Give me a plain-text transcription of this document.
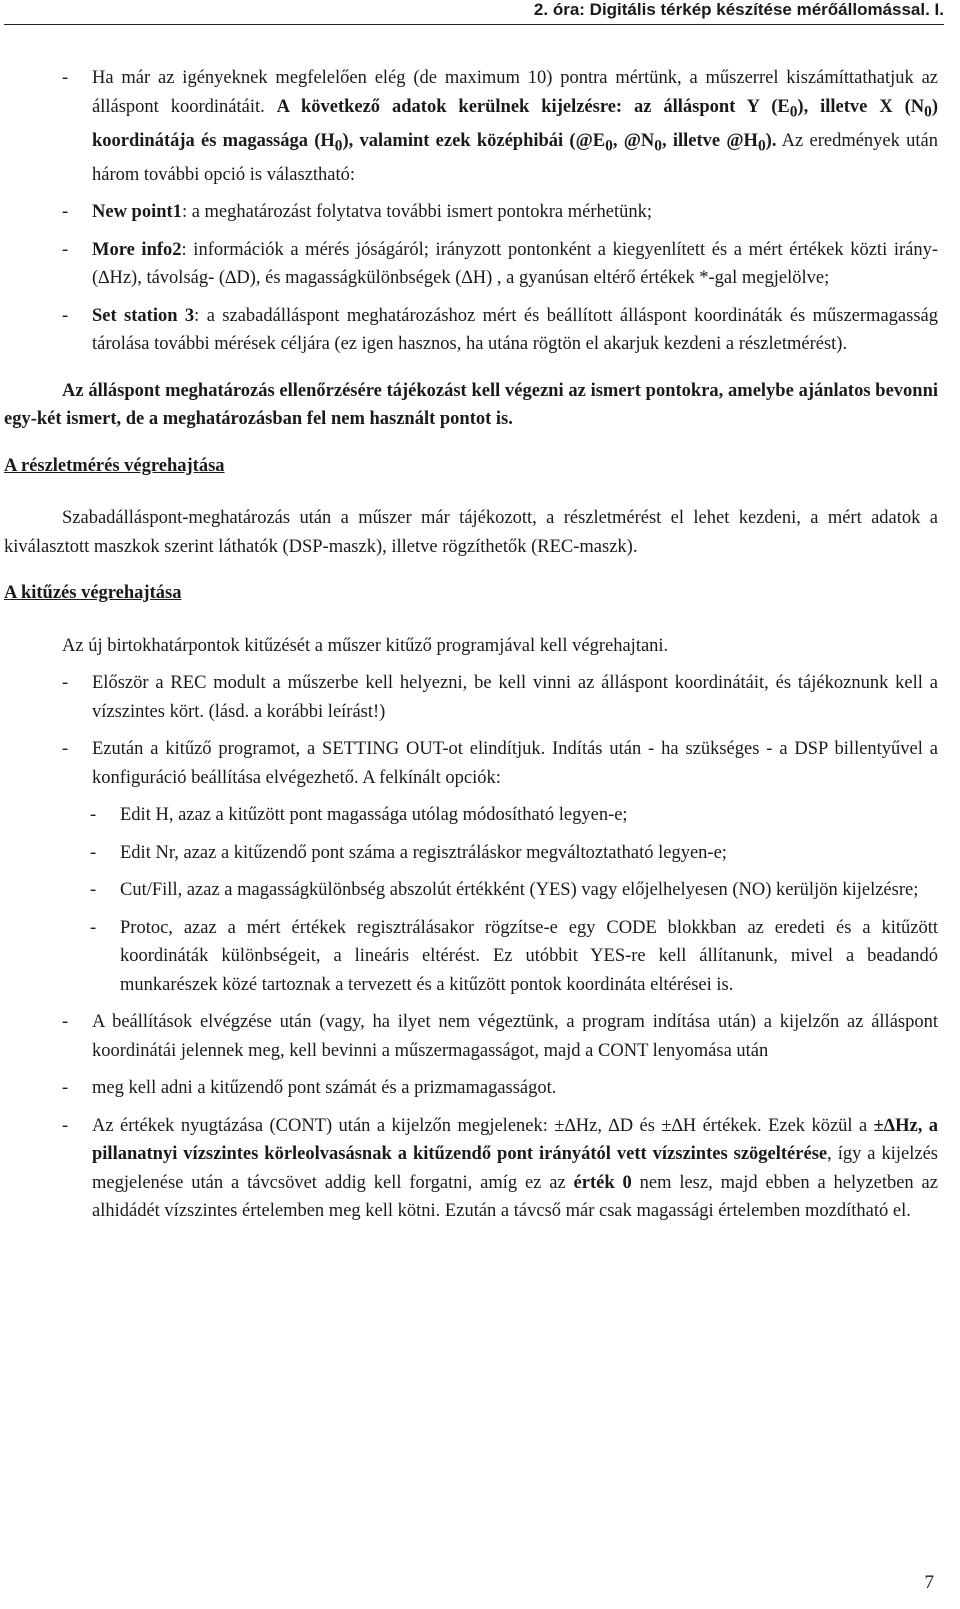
2. óra: Digitális térkép készítése mérőállomással. I.
- Ha már az igényeknek megfelelően elég (de maximum 10) pontra mértünk, a műszerrel kiszámíttathatjuk az álláspont koordinátáit. A következő adatok kerülnek kijelzésre: az álláspont Y $(E_0)$, illetve X $(N_0)$ koordinátája és magassága $(H_0)$, valamint ezek középhibái ($@E_0$, $@N_0$, illetve $@H_0$). Az eredmények után három további opció is választható:
- New point1: a meghatározást folytatva további ismert pontokra mérhetünk;
- More info2: információk a mérés jóságáról; irányzott pontonként a kiegyenlített és a mért értékek közti irány- (∆Hz), távolság- (∆D), és magasságkülönbségek (∆H) , a gyanúsan eltérő értékek *-gal megjelölve;
- Set station 3: a szabadálláspont meghatározáshoz mért és beállított álláspont koordináták és műszermagasság tárolása további mérések céljára (ez igen hasznos, ha utána rögtön el akarjuk kezdeni a részletmérést).

Az álláspont meghatározás ellenőrzésére tájékozást kell végezni az ismert pontokra, amelybe ajánlatos bevonni egy-két ismert, de a meghatározásban fel nem használt pontot is.

A részletmérés végrehajtása

Szabadálláspont-meghatározás után a műszer már tájékozott, a részletmérést el lehet kezdeni, a mért adatok a kiválasztott maszkok szerint láthatók (DSP-maszk), illetve rögzíthetők (REC-maszk).

A kitűzés végrehajtása

Az új birtokhatárpontok kitűzését a műszer kitűző programjával kell végrehajtani.

- Először a REC modult a műszerbe kell helyezni, be kell vinni az álláspont koordinátáit, és tájékoznunk kell a vízszintes kört. (lásd. a korábbi leírást!)
- Ezután a kitűző programot, a SETTING OUT-ot elindítjuk. Indítás után - ha szükséges - a DSP billentyűvel a konfiguráció beállítása elvégezhető. A felkínált opciók:
- Edit H, azaz a kitűzött pont magassága utólag módosítható legyen-e;
- Edit Nr, azaz a kitűzendő pont száma a regisztráláskor megváltoztatható legyen-e;
- Cut/Fill, azaz a magasságkülönbség abszolút értékként (YES) vagy előjelhelyesen (NO) kerüljön kijelzésre;
- Protoc, azaz a mért értékek regisztrálásakor rögzítse-e egy CODE blokkban az eredeti és a kitűzött koordináták különbségeit, a lineáris eltérést. Ez utóbbit YES-re kell állítanunk, mivel a beadandó munkarészek közé tartoznak a tervezett és a kitűzött pontok koordináta eltérései is.
- A beállítások elvégzése után (vagy, ha ilyet nem végeztünk, a program indítása után) a kijelzőn az álláspont koordinátái jelennek meg, kell bevinni a műszermagasságot, majd a CONT lenyomása után
- meg kell adni a kitűzendő pont számát és a prizmamagasságot.
- Az értékek nyugtázása (CONT) után a kijelzőn megjelenek: ±∆Hz, ∆D és ±∆H értékek. Ezek közül a ±∆Hz, a pillanatnyi vízszintes körleolvasásnak a kitűzendő pont irányától vett vízszintes szögeltérése, így a kijelzés megjelenése után a távcsövet addig kell forgatni, amíg ez az érték 0 nem lesz, majd ebben a helyzetben az alhidádét vízszintes értelemben meg kell kötni. Ezután a távcső már csak magassági értelemben mozdítható el.
7
